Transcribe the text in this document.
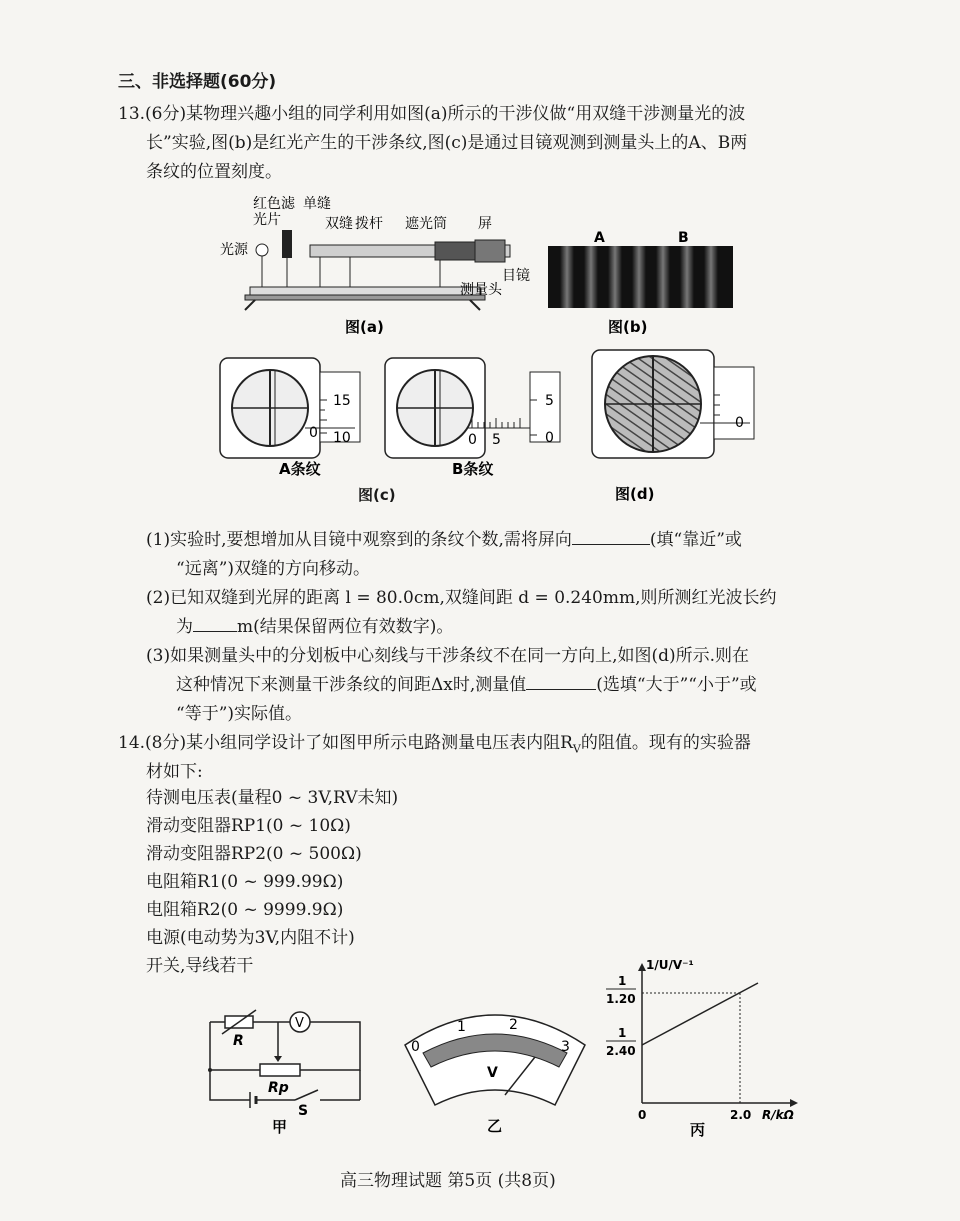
三、非选择题(60分)
13.(6分)某物理兴趣小组的同学利用如图(a)所示的干涉仪做“用双缝干涉测量光的波
长”实验,图(b)是红光产生的干涉条纹,图(c)是通过目镜观测到测量头上的A、B两
条纹的位置刻度。
红色滤
光片
单缝
双缝 拨杆 遮光筒 屏
光源
目镜
测量头
图(a)
A	B
图(b)
15
0 10
A条纹
5
0 5	0
B条纹
图(c)
0
图(d)
(1)实验时,要想增加从目镜中观察到的条纹个数,需将屏向	(填“靠近”或
“远离”)双缝的方向移动。
(2)已知双缝到光屏的距离 l = 80.0cm,双缝间距 d = 0.240mm,则所测红光波长约
为	m(结果保留两位有效数字)。
(3)如果测量头中的分划板中心刻线与干涉条纹不在同一方向上,如图(d)所示.则在
这种情况下来测量干涉条纹的间距Δx时,测量值	(选填“大于”“小于”或
“等于”)实际值。
14.(8分)某小组同学设计了如图甲所示电路测量电压表内阻$R_V$的阻值。现有的实验器
材如下:
待测电压表(量程0 ~ 3V,RV未知)
滑动变阻器RP1(0 ~ 10Ω)
滑动变阻器RP2(0 ~ 500Ω)
电阻箱R1(0 ~ 999.99Ω)
电阻箱R2(0 ~ 9999.9Ω)
电源(电动势为3V,内阻不计)
开关,导线若干
V
R
Rp
S
甲
0
1	2
3
V
乙
1/U/V⁻¹
1
1.20
1
2.40
0	2.0 R/kΩ
丙
高三物理试题 第5页 (共8页)
